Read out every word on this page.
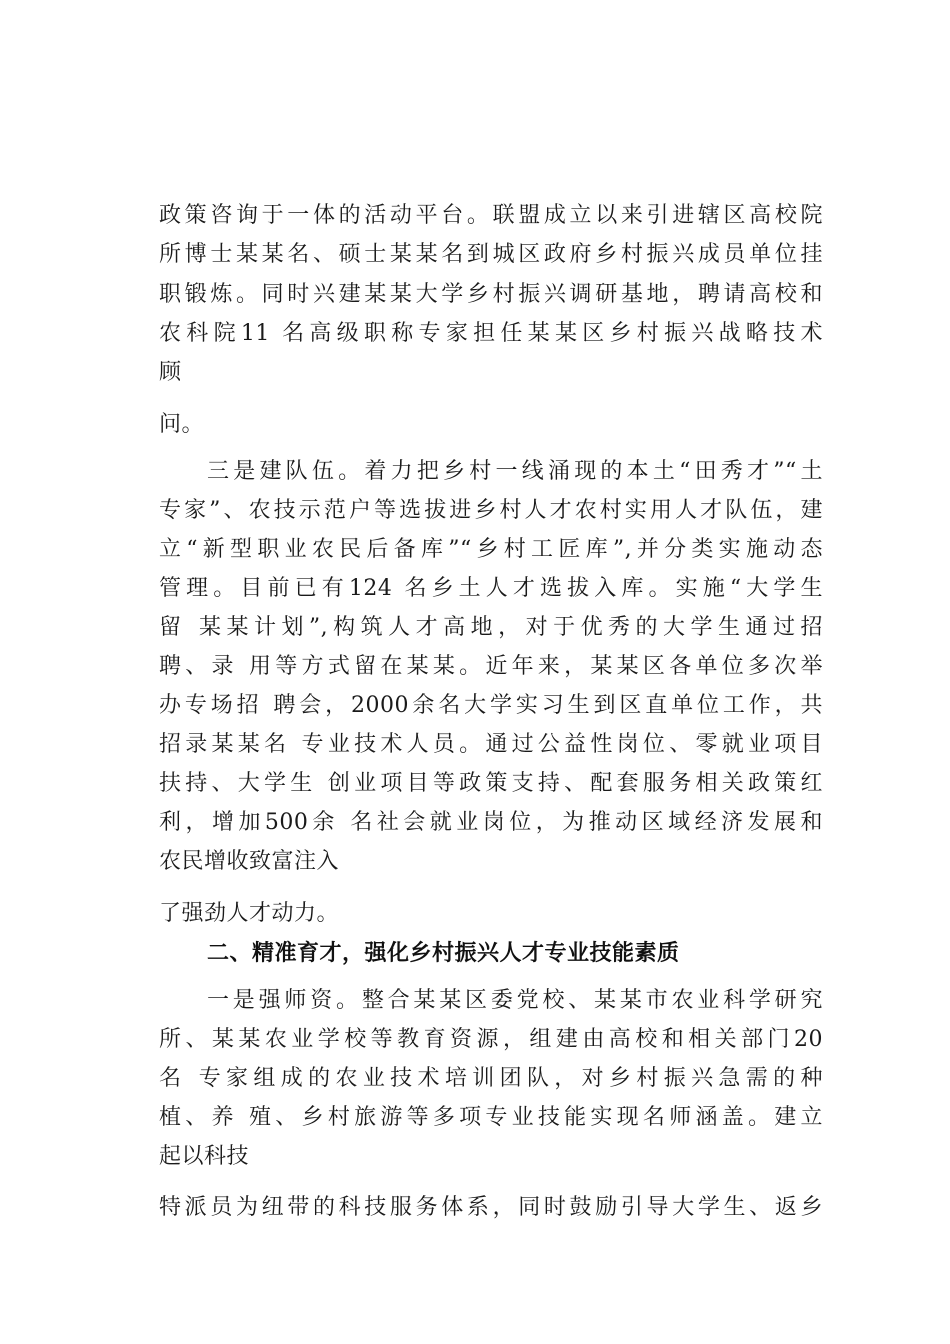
政策咨询于一体的活动平台。联盟成立以来引进辖区高校院
所博士某某名、硕士某某名到城区政府乡村振兴成员单位挂
职锻炼。同时兴建某某大学乡村振兴调研基地，聘请高校和
农科院11 名高级职称专家担任某某区乡村振兴战略技术
顾
问。
三是建队伍。着力把乡村一线涌现的本土“田秀才”“土
专家”、农技示范户等选拔进乡村人才农村实用人才队伍，建
立“新型职业农民后备库”“乡村工匠库”,并分类实施动态
管理。目前已有124 名乡土人才选拔入库。实施“大学生
留 某某计划”,构筑人才高地，对于优秀的大学生通过招
聘、录 用等方式留在某某。近年来，某某区各单位多次举
办专场招 聘会，2000余名大学实习生到区直单位工作，共
招录某某名 专业技术人员。通过公益性岗位、零就业项目
扶持、大学生 创业项目等政策支持、配套服务相关政策红
利，增加500余 名社会就业岗位，为推动区域经济发展和
农民增收致富注入
了强劲人才动力。
二、精准育才，强化乡村振兴人才专业技能素质
一是强师资。整合某某区委党校、某某市农业科学研究
所、某某农业学校等教育资源，组建由高校和相关部门20
名 专家组成的农业技术培训团队，对乡村振兴急需的种
植、养 殖、乡村旅游等多项专业技能实现名师涵盖。建立
起以科技
特派员为纽带的科技服务体系，同时鼓励引导大学生、返乡
